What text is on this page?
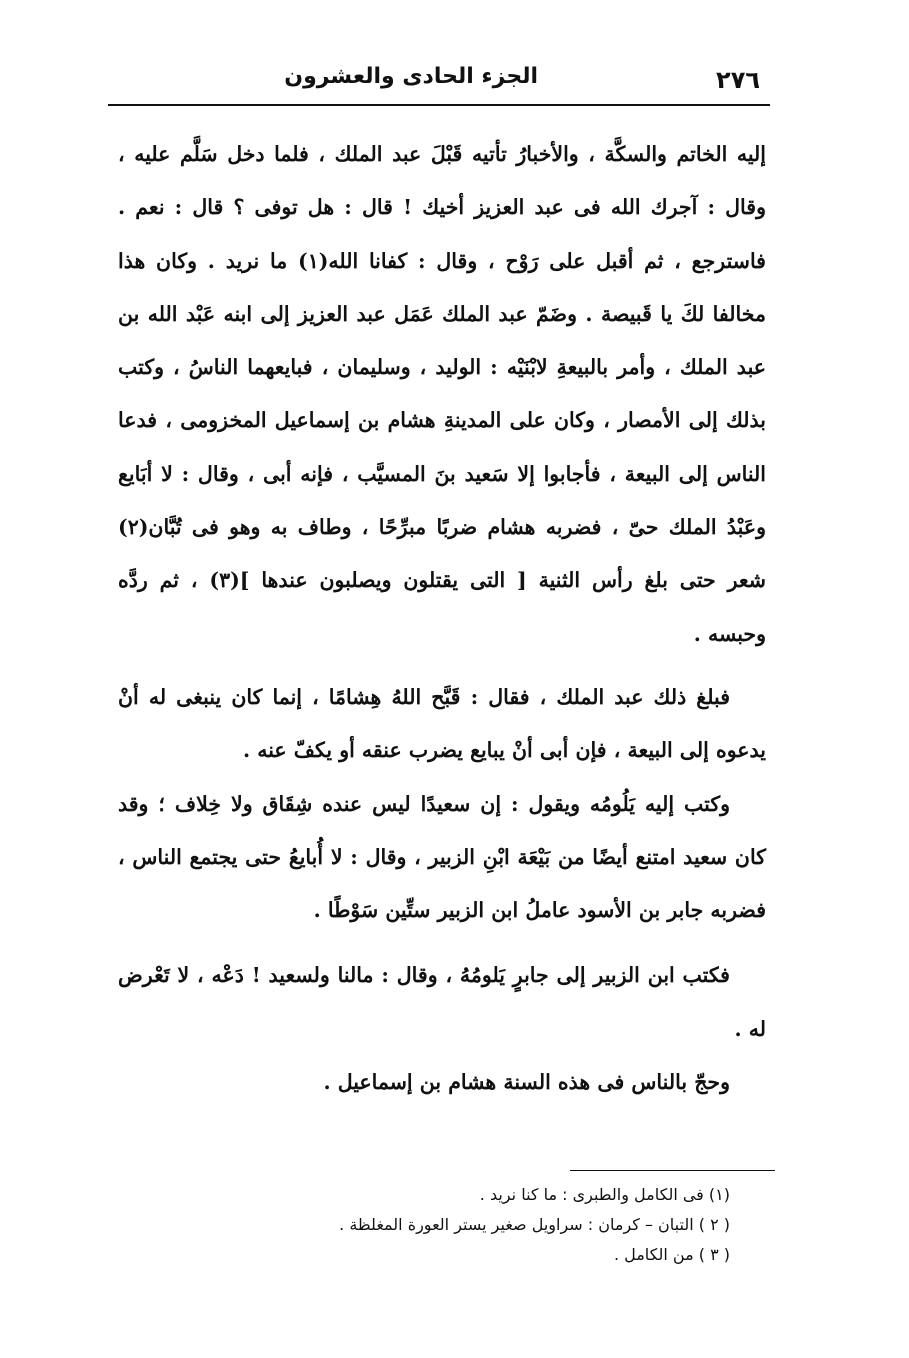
٢٧٦
الجزء الحادى والعشرون

إليه الخاتم والسكَّة ، والأخبارُ تأتيه قَبْلَ عبد الملك ، فلما دخل سَلَّم عليه ، وقال : آجرك الله فى عبد العزيز أخيك ! قال : هل توفى ؟ قال : نعم . فاسترجع ، ثم أقبل على رَوْح ، وقال : كفانا الله(١) ما نريد . وكان هذا مخالفا لكَ يا قَبيصة . وضَمّ عبد الملك عَمَل عبد العزيز إلى ابنه عَبْد الله بن عبد الملك ، وأمر بالبيعةِ لابْنَيْه : الوليد ، وسليمان ، فبايعهما الناسُ ، وكتب بذلك إلى الأمصار ، وكان على المدينةِ هشام بن إسماعيل المخزومى ، فدعا الناس إلى البيعة ، فأجابوا إلا سَعيد بنَ المسيَّب ، فإنه أبى ، وقال : لا أبَايع وعَبْدُ الملك حىّ ، فضربه هشام ضربًا مبرِّحًا ، وطاف به وهو فى تُبَّان(٢) شعر حتى بلغ رأس الثنية [ التى يقتلون ويصلبون عندها ](٣) ، ثم ردَّه وحبسه .

فبلغ ذلك عبد الملك ، فقال : قَبَّح اللهُ هِشامًا ، إنما كان ينبغى له أنْ يدعوه إلى البيعة ، فإن أبى أنْ يبايع يضرب عنقه أو يكفّ عنه .

وكتب إليه يَلُومُه ويقول : إن سعيدًا ليس عنده شِقَاق ولا خِلاف ؛ وقد كان سعيد امتنع أيضًا من بَيْعَة ابْنِ الزبير ، وقال : لا أُبايعُ حتى يجتمع الناس ، فضربه جابر بن الأسود عاملُ ابن الزبير ستِّين سَوْطًا .

فكتب ابن الزبير إلى جابرٍ يَلومُهُ ، وقال : مالنا ولسعيد ! دَعْه ، لا تَعْرض له .

وحجّ بالناس فى هذه السنة هشام بن إسماعيل .

(١) فى الكامل والطبرى : ما كنا نريد .

( ٢ ) التبان – كرمان : سراويل صغير يستر العورة المغلظة .

( ٣ ) من الكامل .
